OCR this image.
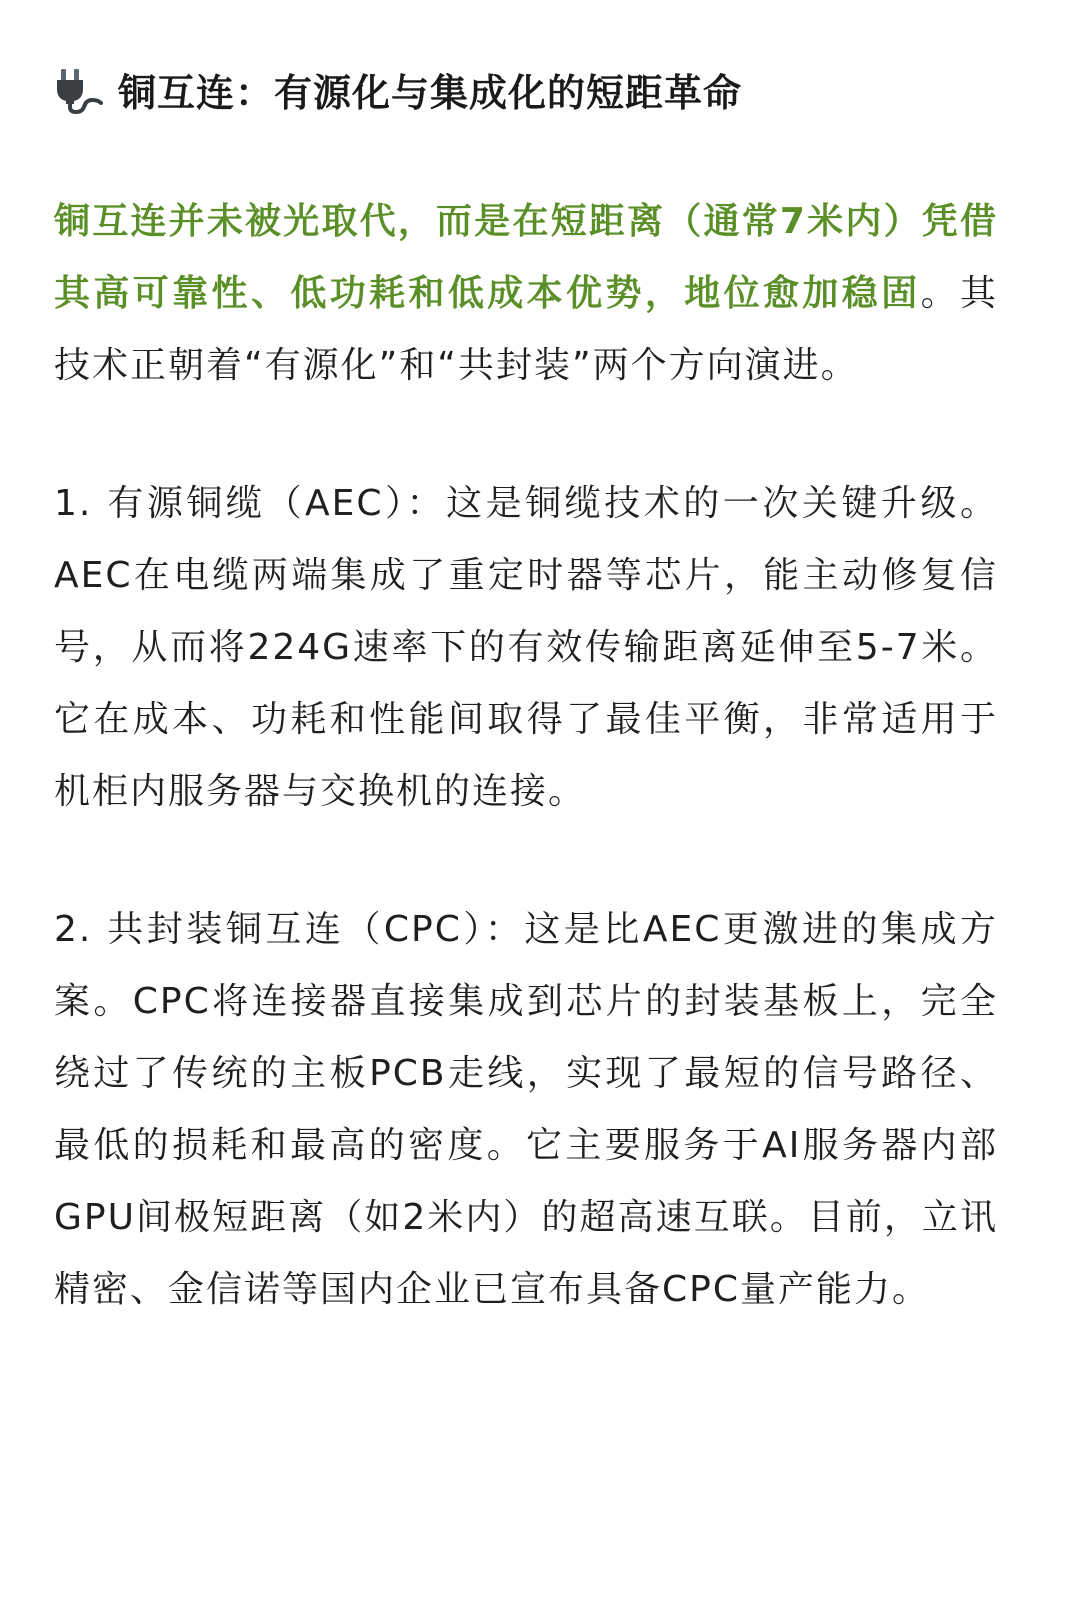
铜互连：有源化与集成化的短距革命

铜互连并未被光取代，而是在短距离（通常7米内）凭借其高可靠性、低功耗和低成本优势，地位愈加稳固。其技术正朝着“有源化”和“共封装”两个方向演进。

1. 有源铜缆（AEC）：这是铜缆技术的一次关键升级。AEC在电缆两端集成了重定时器等芯片，能主动修复信号，从而将224G速率下的有效传输距离延伸至5-7米。它在成本、功耗和性能间取得了最佳平衡，非常适用于机柜内服务器与交换机的连接。

2. 共封装铜互连（CPC）：这是比AEC更激进的集成方案。CPC将连接器直接集成到芯片的封装基板上，完全绕过了传统的主板PCB走线，实现了最短的信号路径、最低的损耗和最高的密度。它主要服务于AI服务器内部GPU间极短距离（如2米内）的超高速互联。目前，立讯精密、金信诺等国内企业已宣布具备CPC量产能力。
